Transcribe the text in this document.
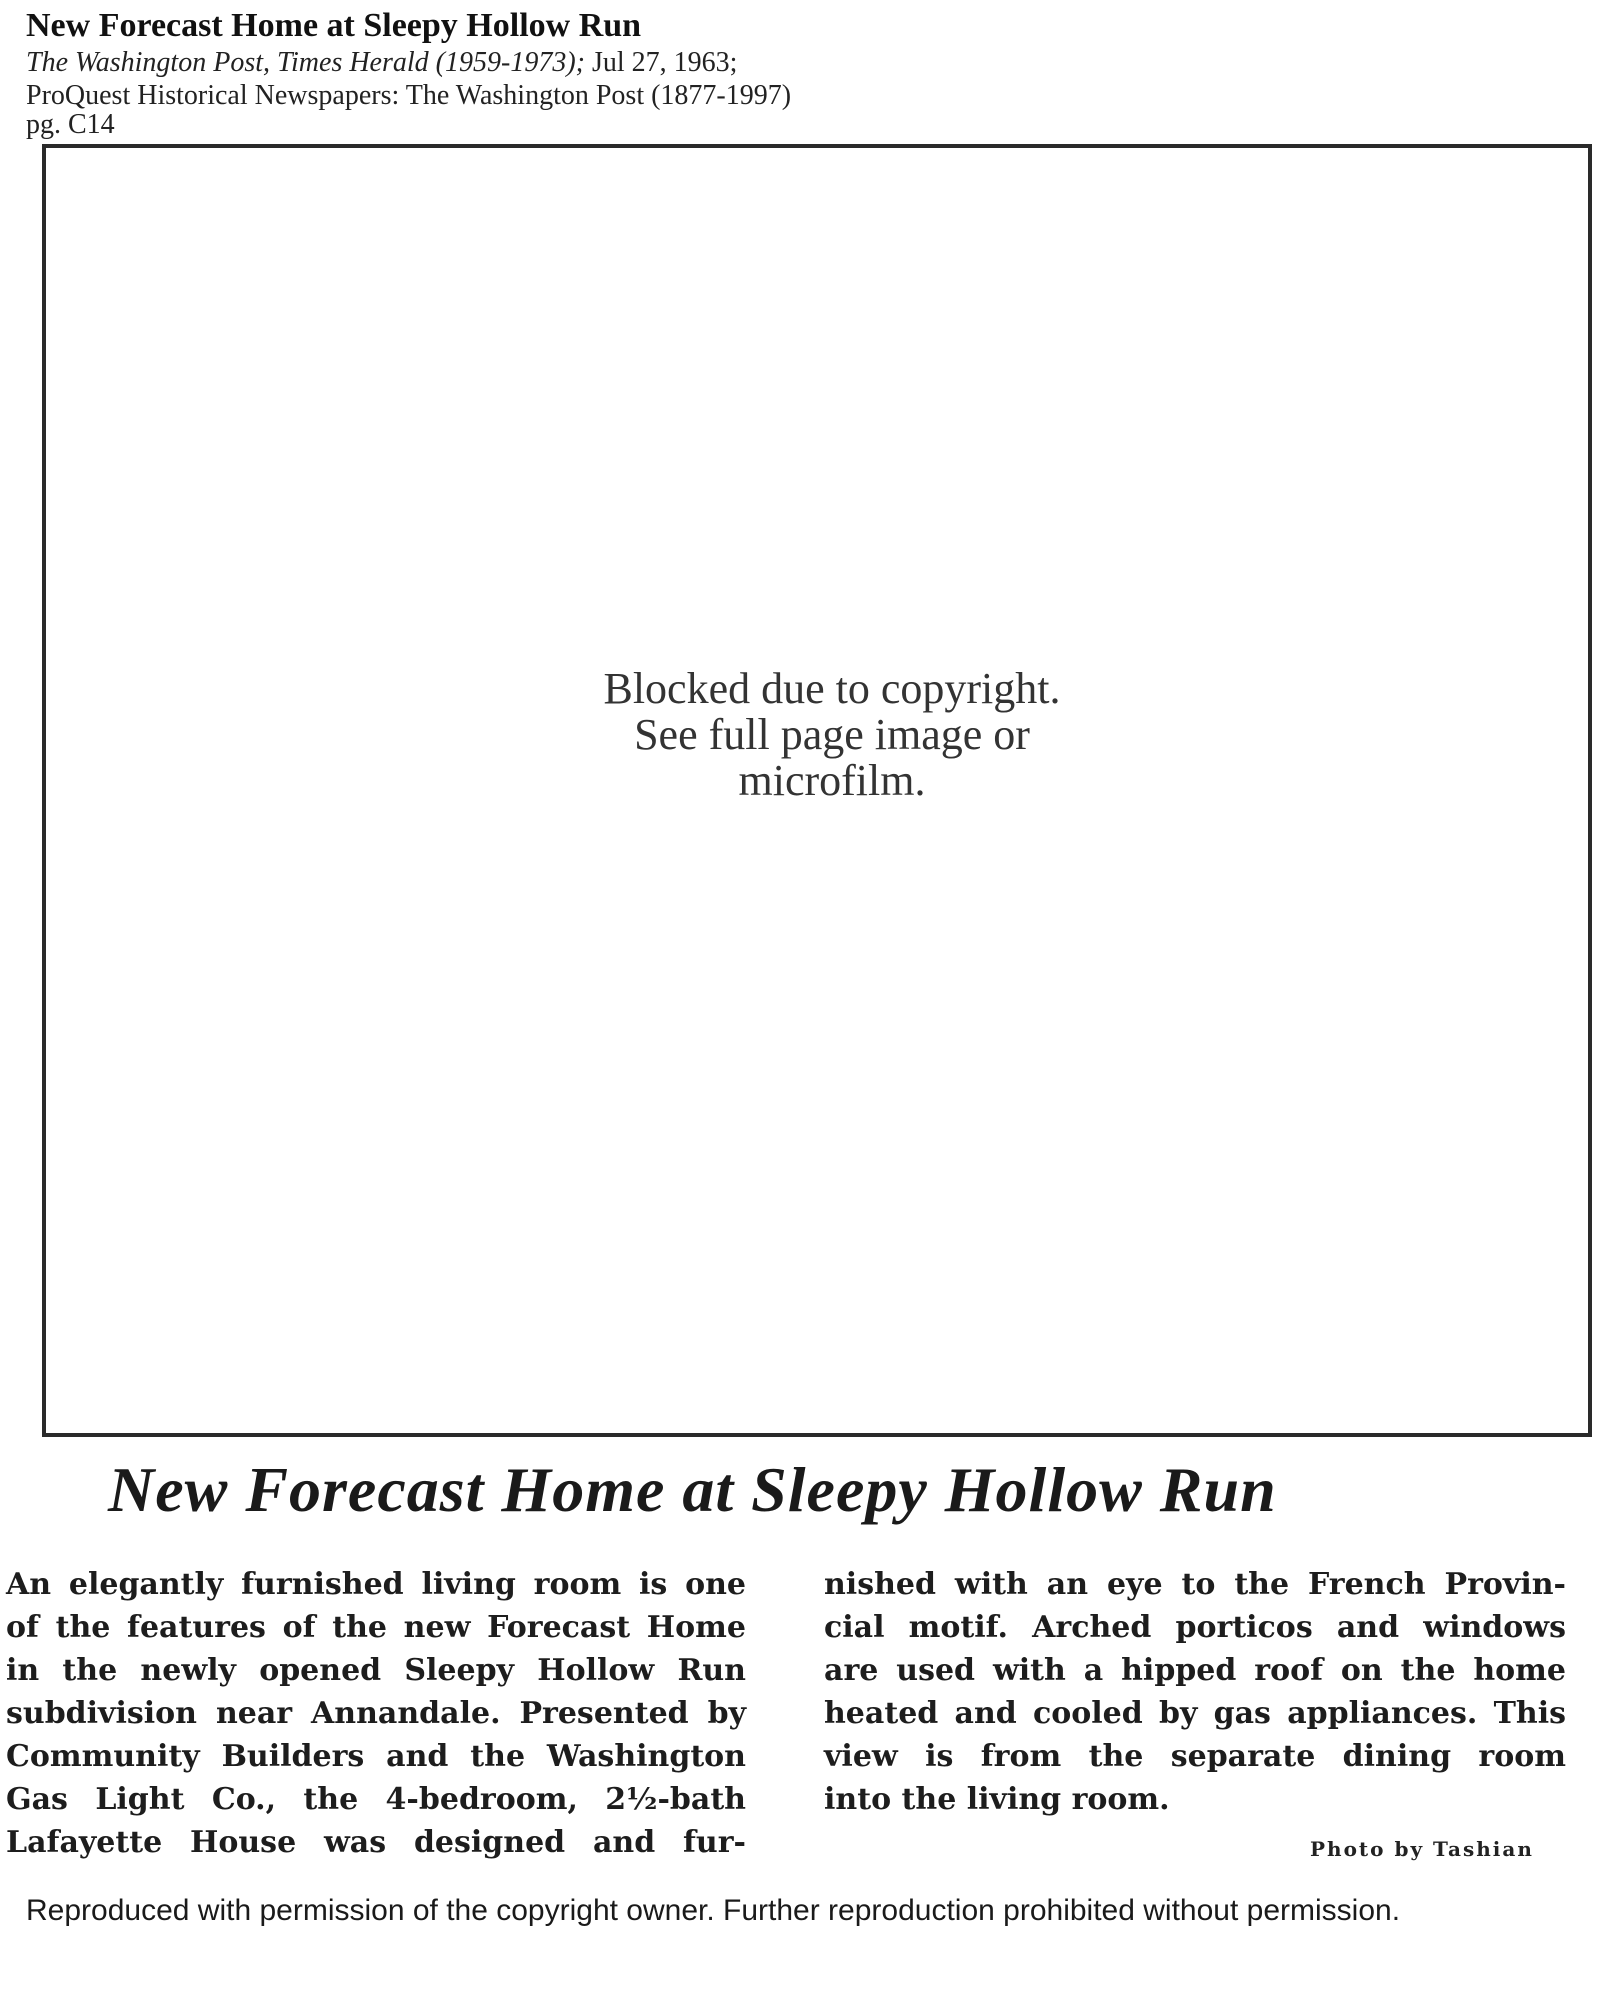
New Forecast Home at Sleepy Hollow Run

The Washington Post, Times Herald (1959-1973); Jul 27, 1963;

ProQuest Historical Newspapers: The Washington Post (1877-1997)

pg. C14

Blocked due to copyright.
See full page image or
microfilm.
New Forecast Home at Sleepy Hollow Run
An elegantly furnished living room is one
of the features of the new Forecast Home
in the newly opened Sleepy Hollow Run
subdivision near Annandale. Presented by
Community Builders and the Washington
Gas Light Co., the 4-bedroom, 2½-bath
Lafayette House was designed and fur-
nished with an eye to the French Provin-
cial motif. Arched porticos and windows
are used with a hipped roof on the home
heated and cooled by gas appliances. This
view is from the separate dining room
into the living room.
Photo by Tashian
Reproduced with permission of the copyright owner. Further reproduction prohibited without permission.
